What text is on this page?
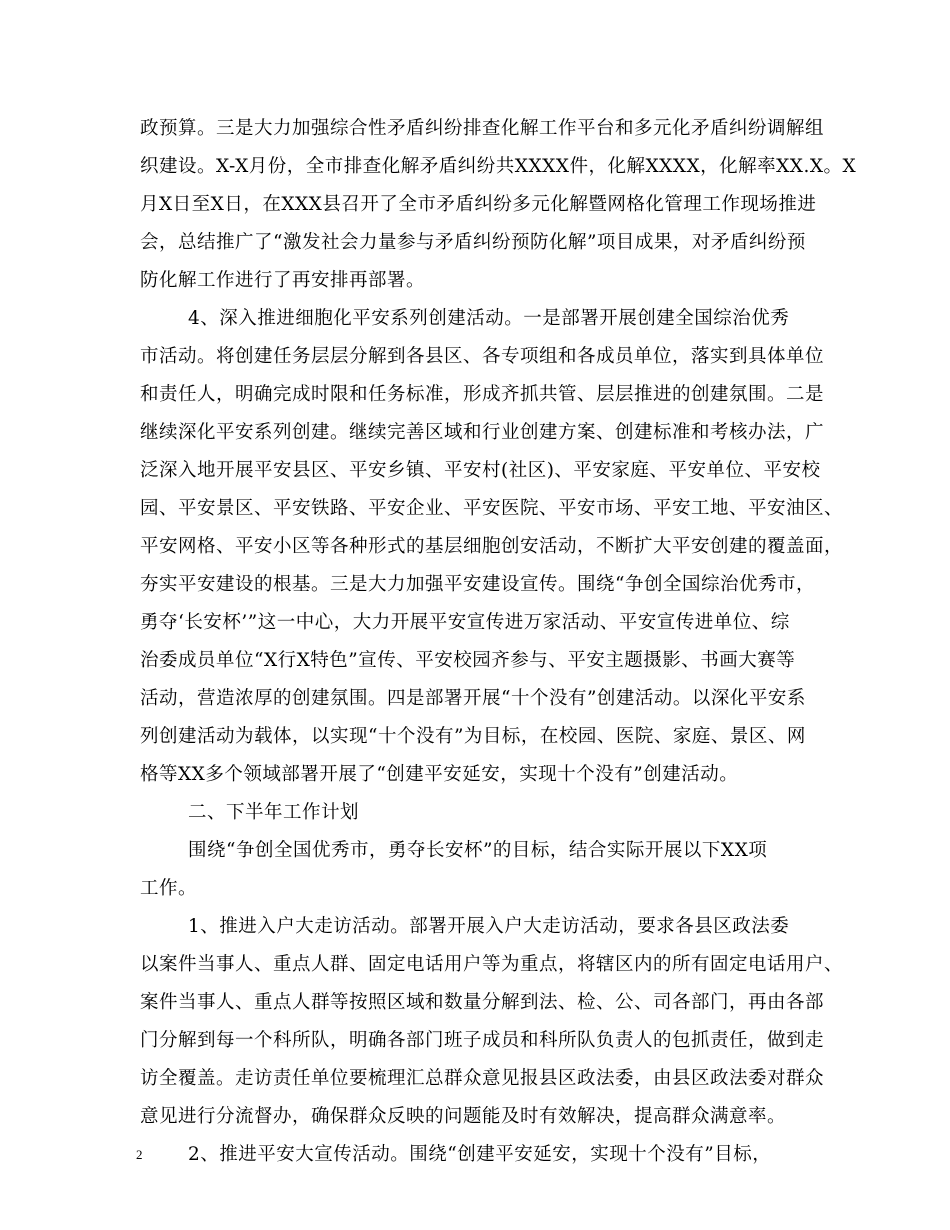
政预算。三是大力加强综合性矛盾纠纷排查化解工作平台和多元化矛盾纠纷调解组
织建设。X-X月份，全市排查化解矛盾纠纷共XXXX件，化解XXXX，化解率XX.X。X
月X日至X日，在XXX县召开了全市矛盾纠纷多元化解暨网格化管理工作现场推进
会，总结推广了“激发社会力量参与矛盾纠纷预防化解”项目成果，对矛盾纠纷预
防化解工作进行了再安排再部署。
4、深入推进细胞化平安系列创建活动。一是部署开展创建全国综治优秀
市活动。将创建任务层层分解到各县区、各专项组和各成员单位，落实到具体单位
和责任人，明确完成时限和任务标准，形成齐抓共管、层层推进的创建氛围。二是
继续深化平安系列创建。继续完善区域和行业创建方案、创建标准和考核办法，广
泛深入地开展平安县区、平安乡镇、平安村(社区)、平安家庭、平安单位、平安校
园、平安景区、平安铁路、平安企业、平安医院、平安市场、平安工地、平安油区、
平安网格、平安小区等各种形式的基层细胞创安活动，不断扩大平安创建的覆盖面，
夯实平安建设的根基。三是大力加强平安建设宣传。围绕“争创全国综治优秀市，
勇夺‘长安杯’”这一中心，大力开展平安宣传进万家活动、平安宣传进单位、综
治委成员单位“X行X特色”宣传、平安校园齐参与、平安主题摄影、书画大赛等
活动，营造浓厚的创建氛围。四是部署开展“十个没有”创建活动。以深化平安系
列创建活动为载体，以实现“十个没有”为目标，在校园、医院、家庭、景区、网
格等XX多个领域部署开展了“创建平安延安，实现十个没有”创建活动。
二、下半年工作计划
围绕“争创全国优秀市，勇夺长安杯”的目标，结合实际开展以下XX项
工作。
1、推进入户大走访活动。部署开展入户大走访活动，要求各县区政法委
以案件当事人、重点人群、固定电话用户等为重点，将辖区内的所有固定电话用户、
案件当事人、重点人群等按照区域和数量分解到法、检、公、司各部门，再由各部
门分解到每一个科所队，明确各部门班子成员和科所队负责人的包抓责任，做到走
访全覆盖。走访责任单位要梳理汇总群众意见报县区政法委，由县区政法委对群众
意见进行分流督办，确保群众反映的问题能及时有效解决，提高群众满意率。
2、推进平安大宣传活动。围绕“创建平安延安，实现十个没有”目标，
2
